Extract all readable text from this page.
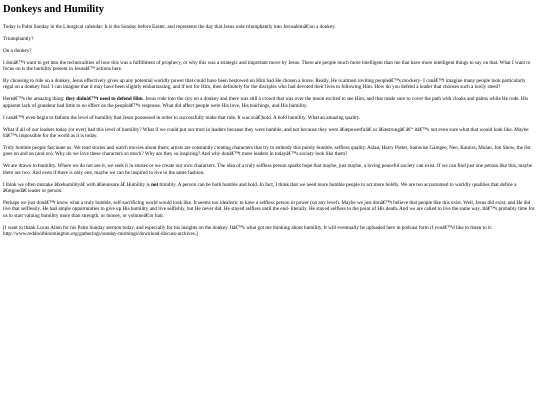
Donkeys and Humility

Today is Palm Sunday in the Liturgical calendar. It is the Sunday before Easter, and represents the day that Jesus rode triumphantly into Jerusalemâ€¦on a donkey.

Triumphantly?

On a donkey?

I donâ€™t want to get into the technicalities of how this was a fulfillment of prophecy, or why this was a strategic and important move by Jesus. There are people much more intelligent than me that have more intelligent things to say on that. What I want to focus on is the humility present in Jesusâ€™ actions here.

By choosing to ride on a donkey, Jesus effectively gives up any potential worldly power that could have been bestowed on Him had He chosen a horse. Really, He is almost inviting peopleâ€™s mockery- I canâ€™t imagine many people look particularly regal on a donkey foal. I can imagine that it may have been slightly embarrassing, and if not for Him, then definitely for the disciples who had devoted their lives to following Him. How do you defend a leader that chooses such a lowly steed?

Hereâ€™s the amazing thing: they didnâ€™t need to defend Him. Jesus rode into the city on a donkey and there was still a crowd that was over the moon excited to see Him, and that made sure to cover the path with cloaks and palms while He rode. His apparent lack of grandeur had little to no effect on the peopleâ€™s response. What did affect people were His love, His teachings, and His humility.

I canâ€™t even begin to fathom the level of humility that Jesus possessed in order to successfully make that ride. It was soâ€¦bold. A bold humility. What an amazing quality.

What if all of our leaders today (or ever) had this level of humility? What if we could put our trust in leaders because they were humble, and not because they were â€œpowerfulâ€ or â€œstrongâ€ â€“ itâ€™s not even sure what that would look like. Maybe itâ€™s impossible for the world as it is today.

Truly humble people fascinate us. We read stories and watch movies about them; artists are constantly creating characters that try to embody this purely humble, selfless quality. Aslan, Harry Potter, Samwise Gamgee, Neo, Katniss, Mulan, Jon Snow, the list goes on and on (and on). Why do we love these characters so much? Why are they so inspiring? And why donâ€™t more leaders in todayâ€™s society look like them?

We are drawn to humility. Where we do not see it, we seek it in stories or we create our own characters. The idea of a truly selfless person sparks hope that maybe, just maybe, a loving peaceful society can exist. If we can find just one person like this, maybe there are two. And even if there is only one, maybe we can be inspired to live in the same fashion.

I think we often mistake â€œhumilityâ€ with â€œunsure.â€ Humility is not timidity. A person can be both humble and bold. In fact, I think that we need more humble people to act more boldly. We are too accustomed to worldly qualities that define a â€œgoodâ€ leader or person.

Perhaps we just donâ€™t know what a truly humble, self-sacrificing world would look like. It seems too idealistic to have a selfless person in power (on any level). Maybe we just donâ€™t believe that people like this exist. Well, Jesus did exist, and He did live that selflessly. He had ample opportunities to give up His humility and live selfishly, but He never did. He stayed selfless until the end- literally. He stayed selfless to the point of His death. And we are called to live the same way. Itâ€™s probably time for us to start valuing humility more than strength, or money, or volumeâ€¦or hair.

[I want to thank Lucas Allen for his Palm Sunday sermon today, and especially for his insights on the donkey. Itâ€™s what got me thinking about humility. It will eventually be uploaded here in podcast form if youâ€™d like to listen to it: http://www.reddoorbloomington.org/gatherings/sunday-mornings/download-discuss-archives.]
